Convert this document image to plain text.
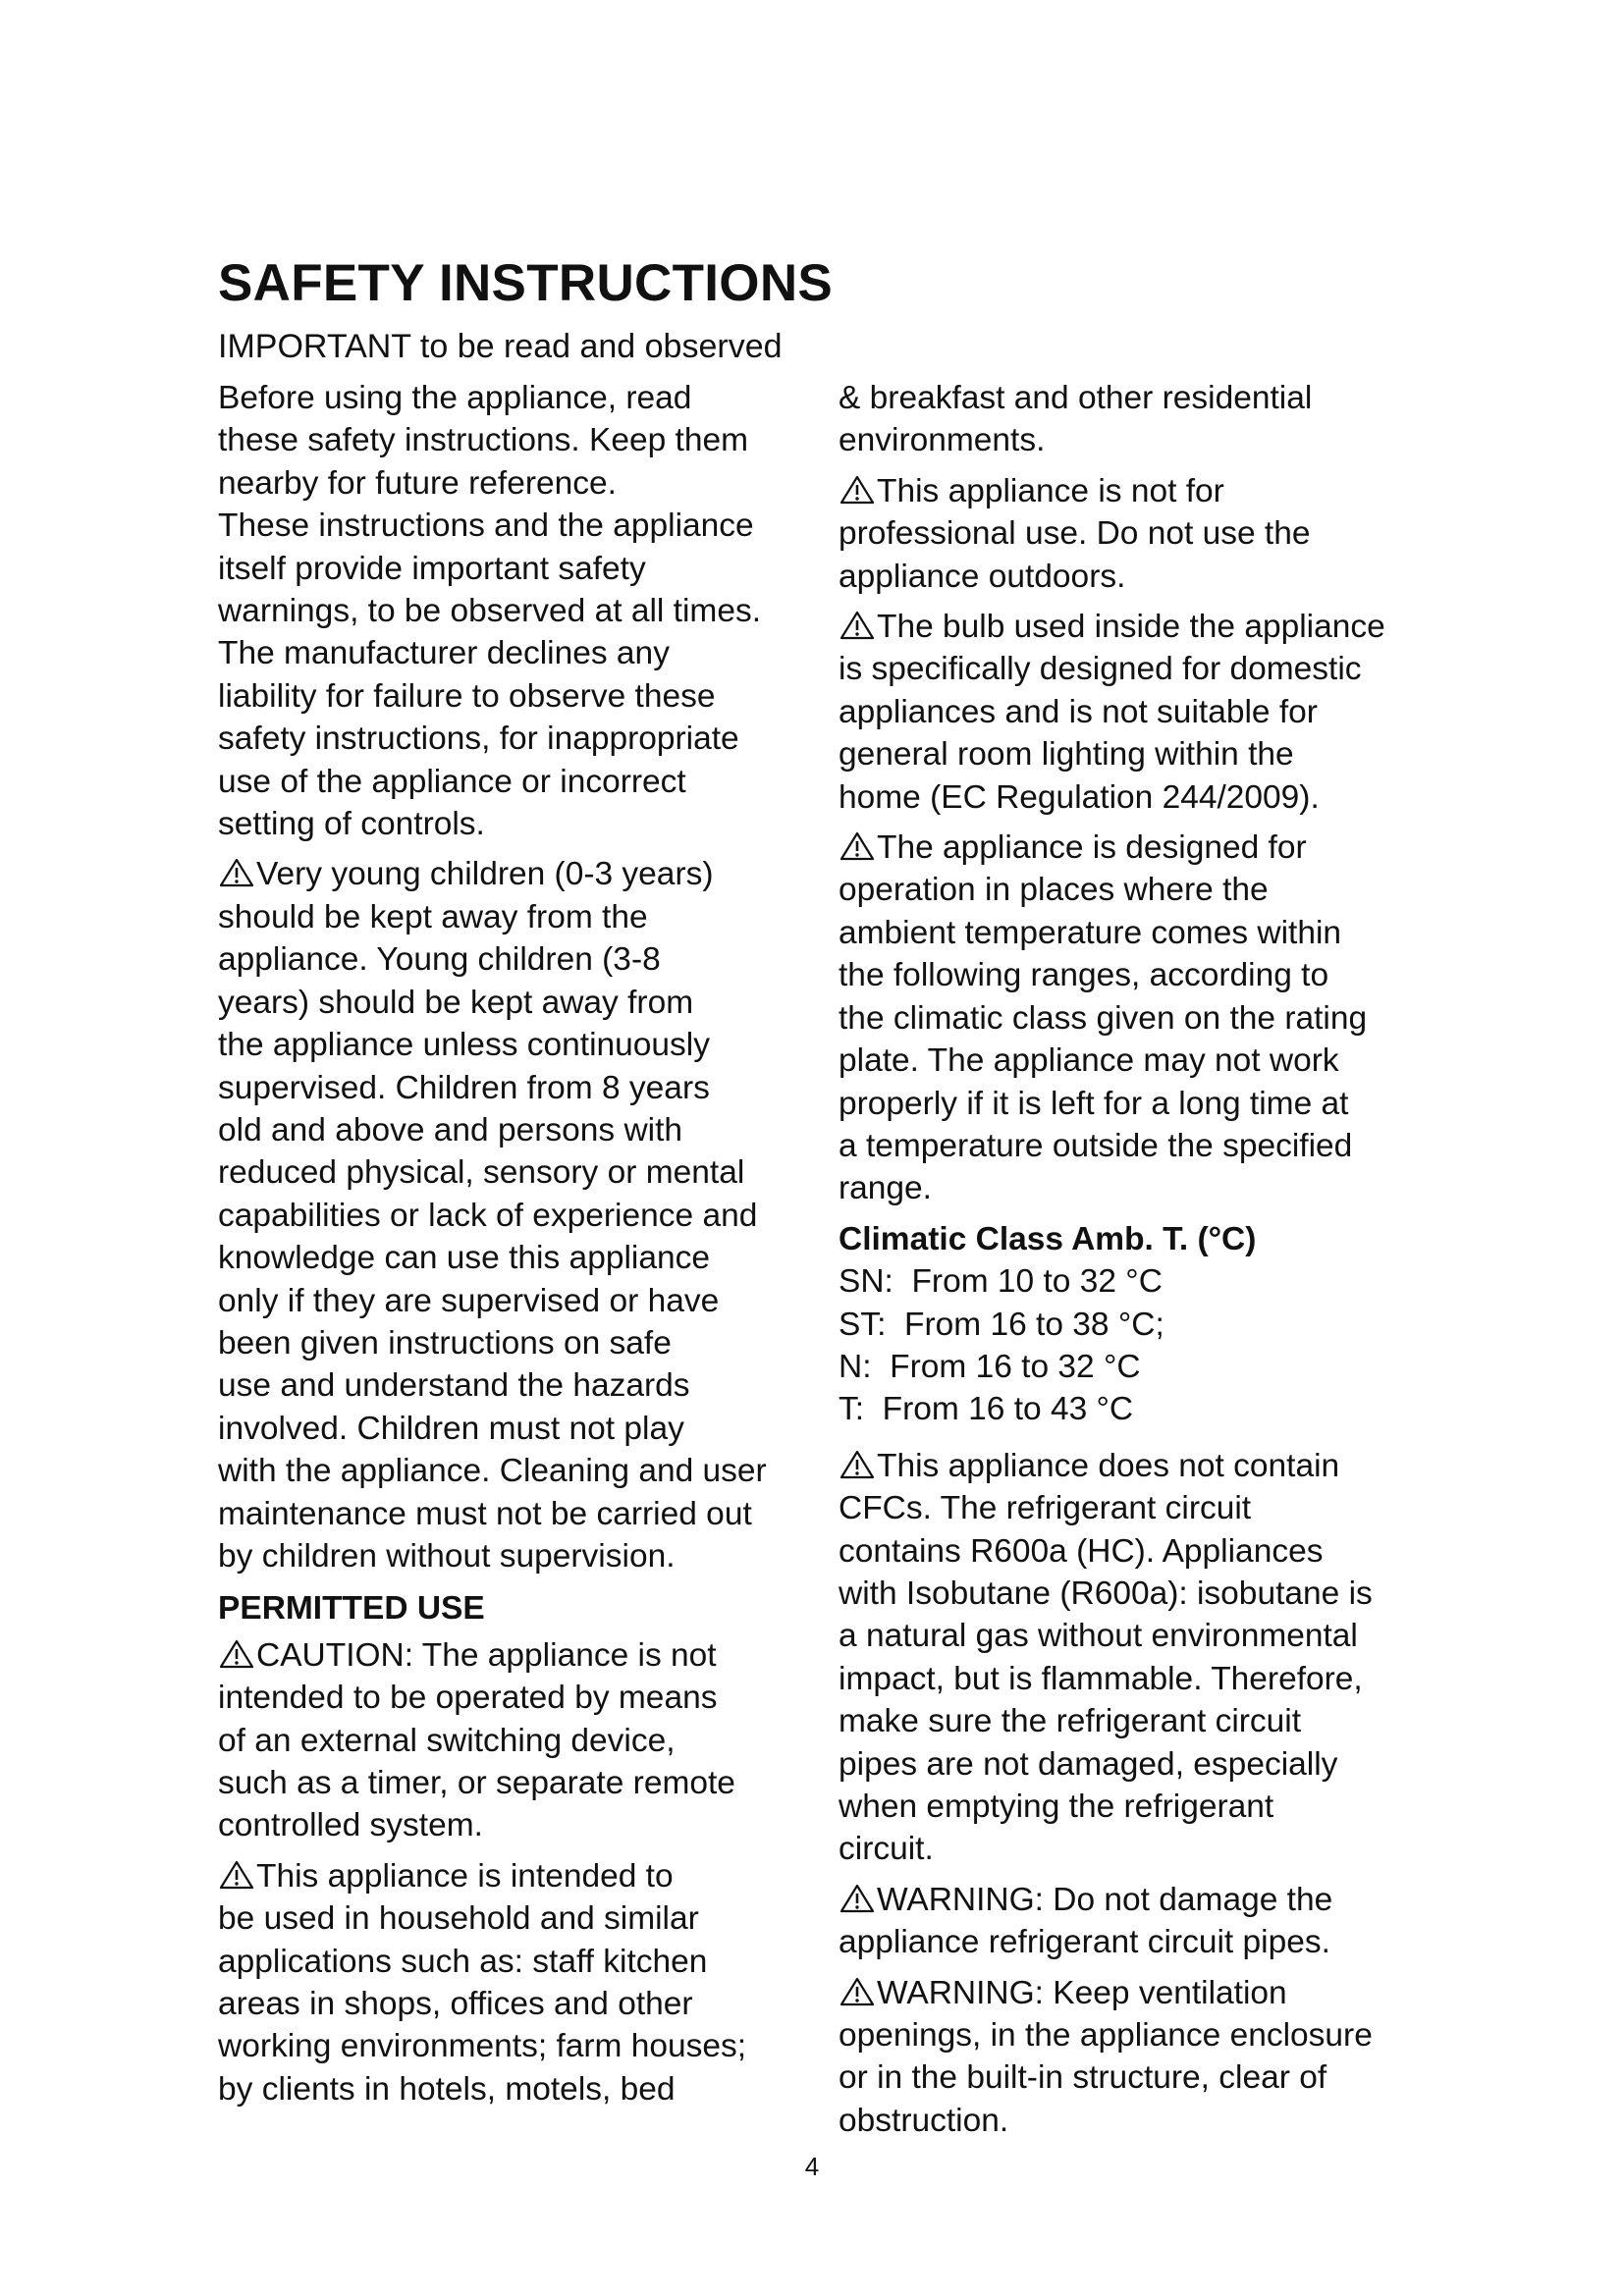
SAFETY INSTRUCTIONS
IMPORTANT to be read and observed

Before using the appliance, read
these safety instructions. Keep them
nearby for future reference.
These instructions and the appliance
itself provide important safety
warnings, to be observed at all times.
The manufacturer declines any
liability for failure to observe these
safety instructions, for inappropriate
use of the appliance or incorrect
setting of controls.

Very young children (0-3 years)
should be kept away from the
appliance. Young children (3-8
years) should be kept away from
the appliance unless continuously
supervised. Children from 8 years
old and above and persons with
reduced physical, sensory or mental
capabilities or lack of experience and
knowledge can use this appliance
only if they are supervised or have
been given instructions on safe
use and understand the hazards
involved. Children must not play
with the appliance. Cleaning and user
maintenance must not be carried out
by children without supervision.

PERMITTED USE

CAUTION: The appliance is not
intended to be operated by means
of an external switching device,
such as a timer, or separate remote
controlled system.

This appliance is intended to
be used in household and similar
applications such as: staff kitchen
areas in shops, offices and other
working environments; farm houses;
by clients in hotels, motels, bed

& breakfast and other residential
environments.

This appliance is not for
professional use. Do not use the
appliance outdoors.

The bulb used inside the appliance
is specifically designed for domestic
appliances and is not suitable for
general room lighting within the
home (EC Regulation 244/2009).

The appliance is designed for
operation in places where the
ambient temperature comes within
the following ranges, according to
the climatic class given on the rating
plate. The appliance may not work
properly if it is left for a long time at
a temperature outside the specified
range.

Climatic Class Amb. T. (°C)
SN:  From 10 to 32 °C
ST:  From 16 to 38 °C;
N:  From 16 to 32 °C
T:  From 16 to 43 °C

This appliance does not contain
CFCs. The refrigerant circuit
contains R600a (HC). Appliances
with Isobutane (R600a): isobutane is
a natural gas without environmental
impact, but is flammable. Therefore,
make sure the refrigerant circuit
pipes are not damaged, especially
when emptying the refrigerant
circuit.

WARNING: Do not damage the
appliance refrigerant circuit pipes.

WARNING: Keep ventilation
openings, in the appliance enclosure
or in the built-in structure, clear of
obstruction.

4
